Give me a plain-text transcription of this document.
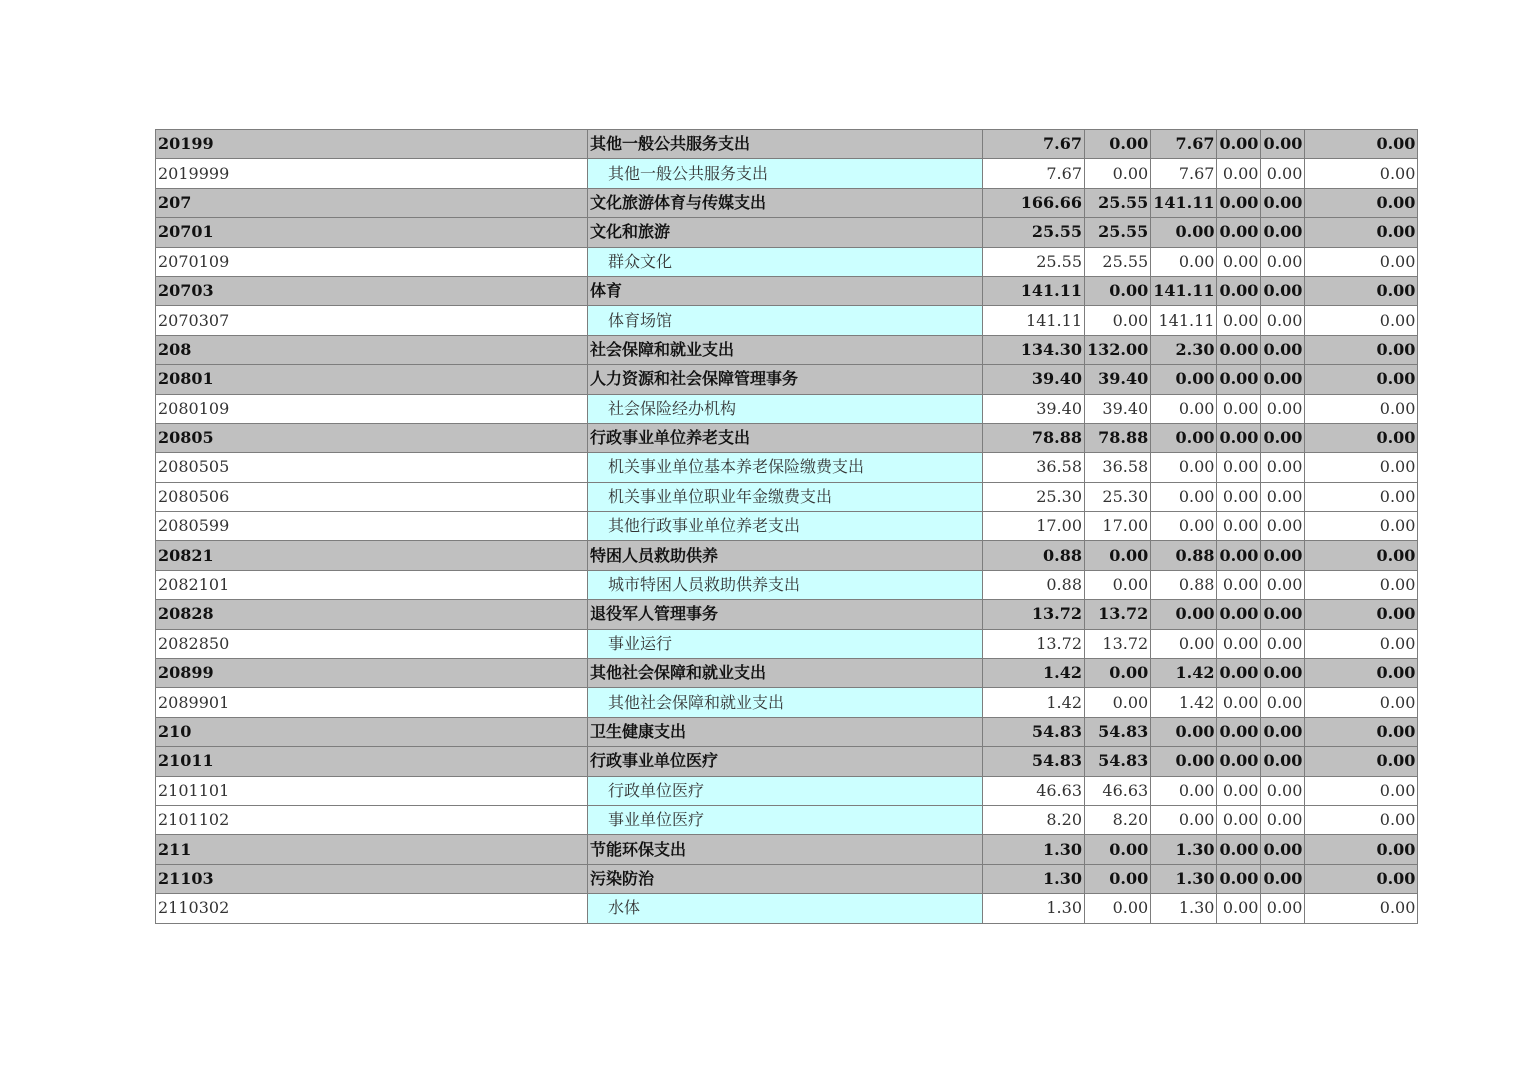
20199	其他一般公共服务支出	7.67	0.00	7.67	0.00	0.00	0.00
2019999	其他一般公共服务支出	7.67	0.00	7.67	0.00	0.00	0.00
207	文化旅游体育与传媒支出	166.66	25.55	141.11	0.00	0.00	0.00
20701	文化和旅游	25.55	25.55	0.00	0.00	0.00	0.00
2070109	群众文化	25.55	25.55	0.00	0.00	0.00	0.00
20703	体育	141.11	0.00	141.11	0.00	0.00	0.00
2070307	体育场馆	141.11	0.00	141.11	0.00	0.00	0.00
208	社会保障和就业支出	134.30	132.00	2.30	0.00	0.00	0.00
20801	人力资源和社会保障管理事务	39.40	39.40	0.00	0.00	0.00	0.00
2080109	社会保险经办机构	39.40	39.40	0.00	0.00	0.00	0.00
20805	行政事业单位养老支出	78.88	78.88	0.00	0.00	0.00	0.00
2080505	机关事业单位基本养老保险缴费支出	36.58	36.58	0.00	0.00	0.00	0.00
2080506	机关事业单位职业年金缴费支出	25.30	25.30	0.00	0.00	0.00	0.00
2080599	其他行政事业单位养老支出	17.00	17.00	0.00	0.00	0.00	0.00
20821	特困人员救助供养	0.88	0.00	0.88	0.00	0.00	0.00
2082101	城市特困人员救助供养支出	0.88	0.00	0.88	0.00	0.00	0.00
20828	退役军人管理事务	13.72	13.72	0.00	0.00	0.00	0.00
2082850	事业运行	13.72	13.72	0.00	0.00	0.00	0.00
20899	其他社会保障和就业支出	1.42	0.00	1.42	0.00	0.00	0.00
2089901	其他社会保障和就业支出	1.42	0.00	1.42	0.00	0.00	0.00
210	卫生健康支出	54.83	54.83	0.00	0.00	0.00	0.00
21011	行政事业单位医疗	54.83	54.83	0.00	0.00	0.00	0.00
2101101	行政单位医疗	46.63	46.63	0.00	0.00	0.00	0.00
2101102	事业单位医疗	8.20	8.20	0.00	0.00	0.00	0.00
211	节能环保支出	1.30	0.00	1.30	0.00	0.00	0.00
21103	污染防治	1.30	0.00	1.30	0.00	0.00	0.00
2110302	水体	1.30	0.00	1.30	0.00	0.00	0.00
